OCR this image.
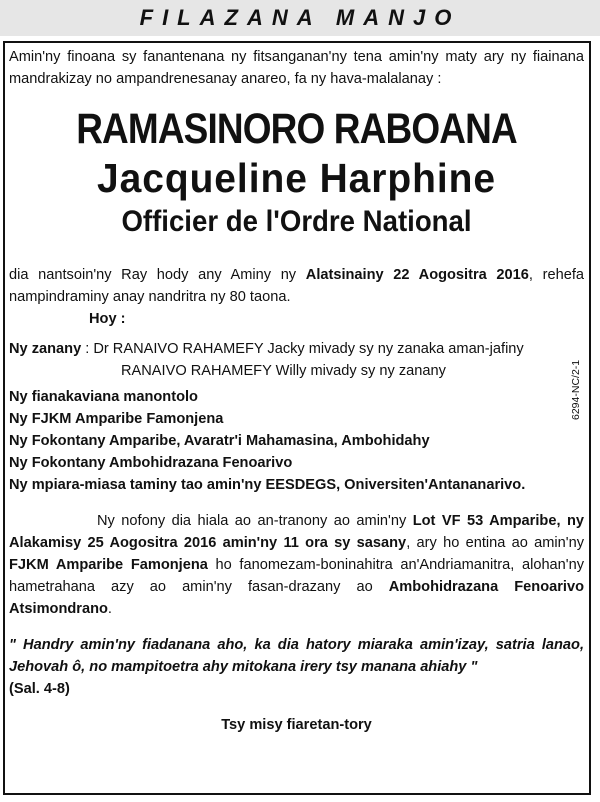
FILAZANA MANJO

Amin'ny finoana sy fanantenana ny fitsanganan'ny tena amin'ny maty ary ny fiainana mandrakizay no ampandrenesanay anareo, fa ny hava-malalanay :

RAMASINORO RABOANA
Jacqueline Harphine
Officier de l'Ordre National

dia nantsoin'ny Ray hody any Aminy ny Alatsinainy 22 Aogositra 2016, rehefa nampindraminy anay nandritra ny 80 taona.

Hoy :

Ny zanany : Dr RANAIVO RAHAMEFY Jacky mivady sy ny zanaka aman-jafiny

RANAIVO RAHAMEFY Willy mivady sy ny zanany

Ny fianakaviana manontolo

Ny FJKM Amparibe Famonjena

Ny Fokontany Amparibe, Avaratr'i Mahamasina, Ambohidahy

Ny Fokontany Ambohidrazana Fenoarivo

Ny mpiara-miasa taminy tao amin'ny EESDEGS, Oniversiten'Antananarivo.

Ny nofony dia hiala ao an-tranony ao amin'ny Lot VF 53 Amparibe, ny Alakamisy 25 Aogositra 2016 amin'ny 11 ora sy sasany, ary ho entina ao amin'ny FJKM Amparibe Famonjena ho fanomezam-boninahitra an'Andriamanitra, alohan'ny hametrahana azy ao amin'ny fasan-drazany ao Ambohidrazana Fenoarivo Atsimondrano.

" Handry amin'ny fiadanana aho, ka dia hatory miaraka amin'izay, satria lanao, Jehovah ô, no mampitoetra ahy mitokana irery tsy manana ahiahy "

(Sal. 4-8)

Tsy misy fiaretan-tory

6294-NC/2-1
